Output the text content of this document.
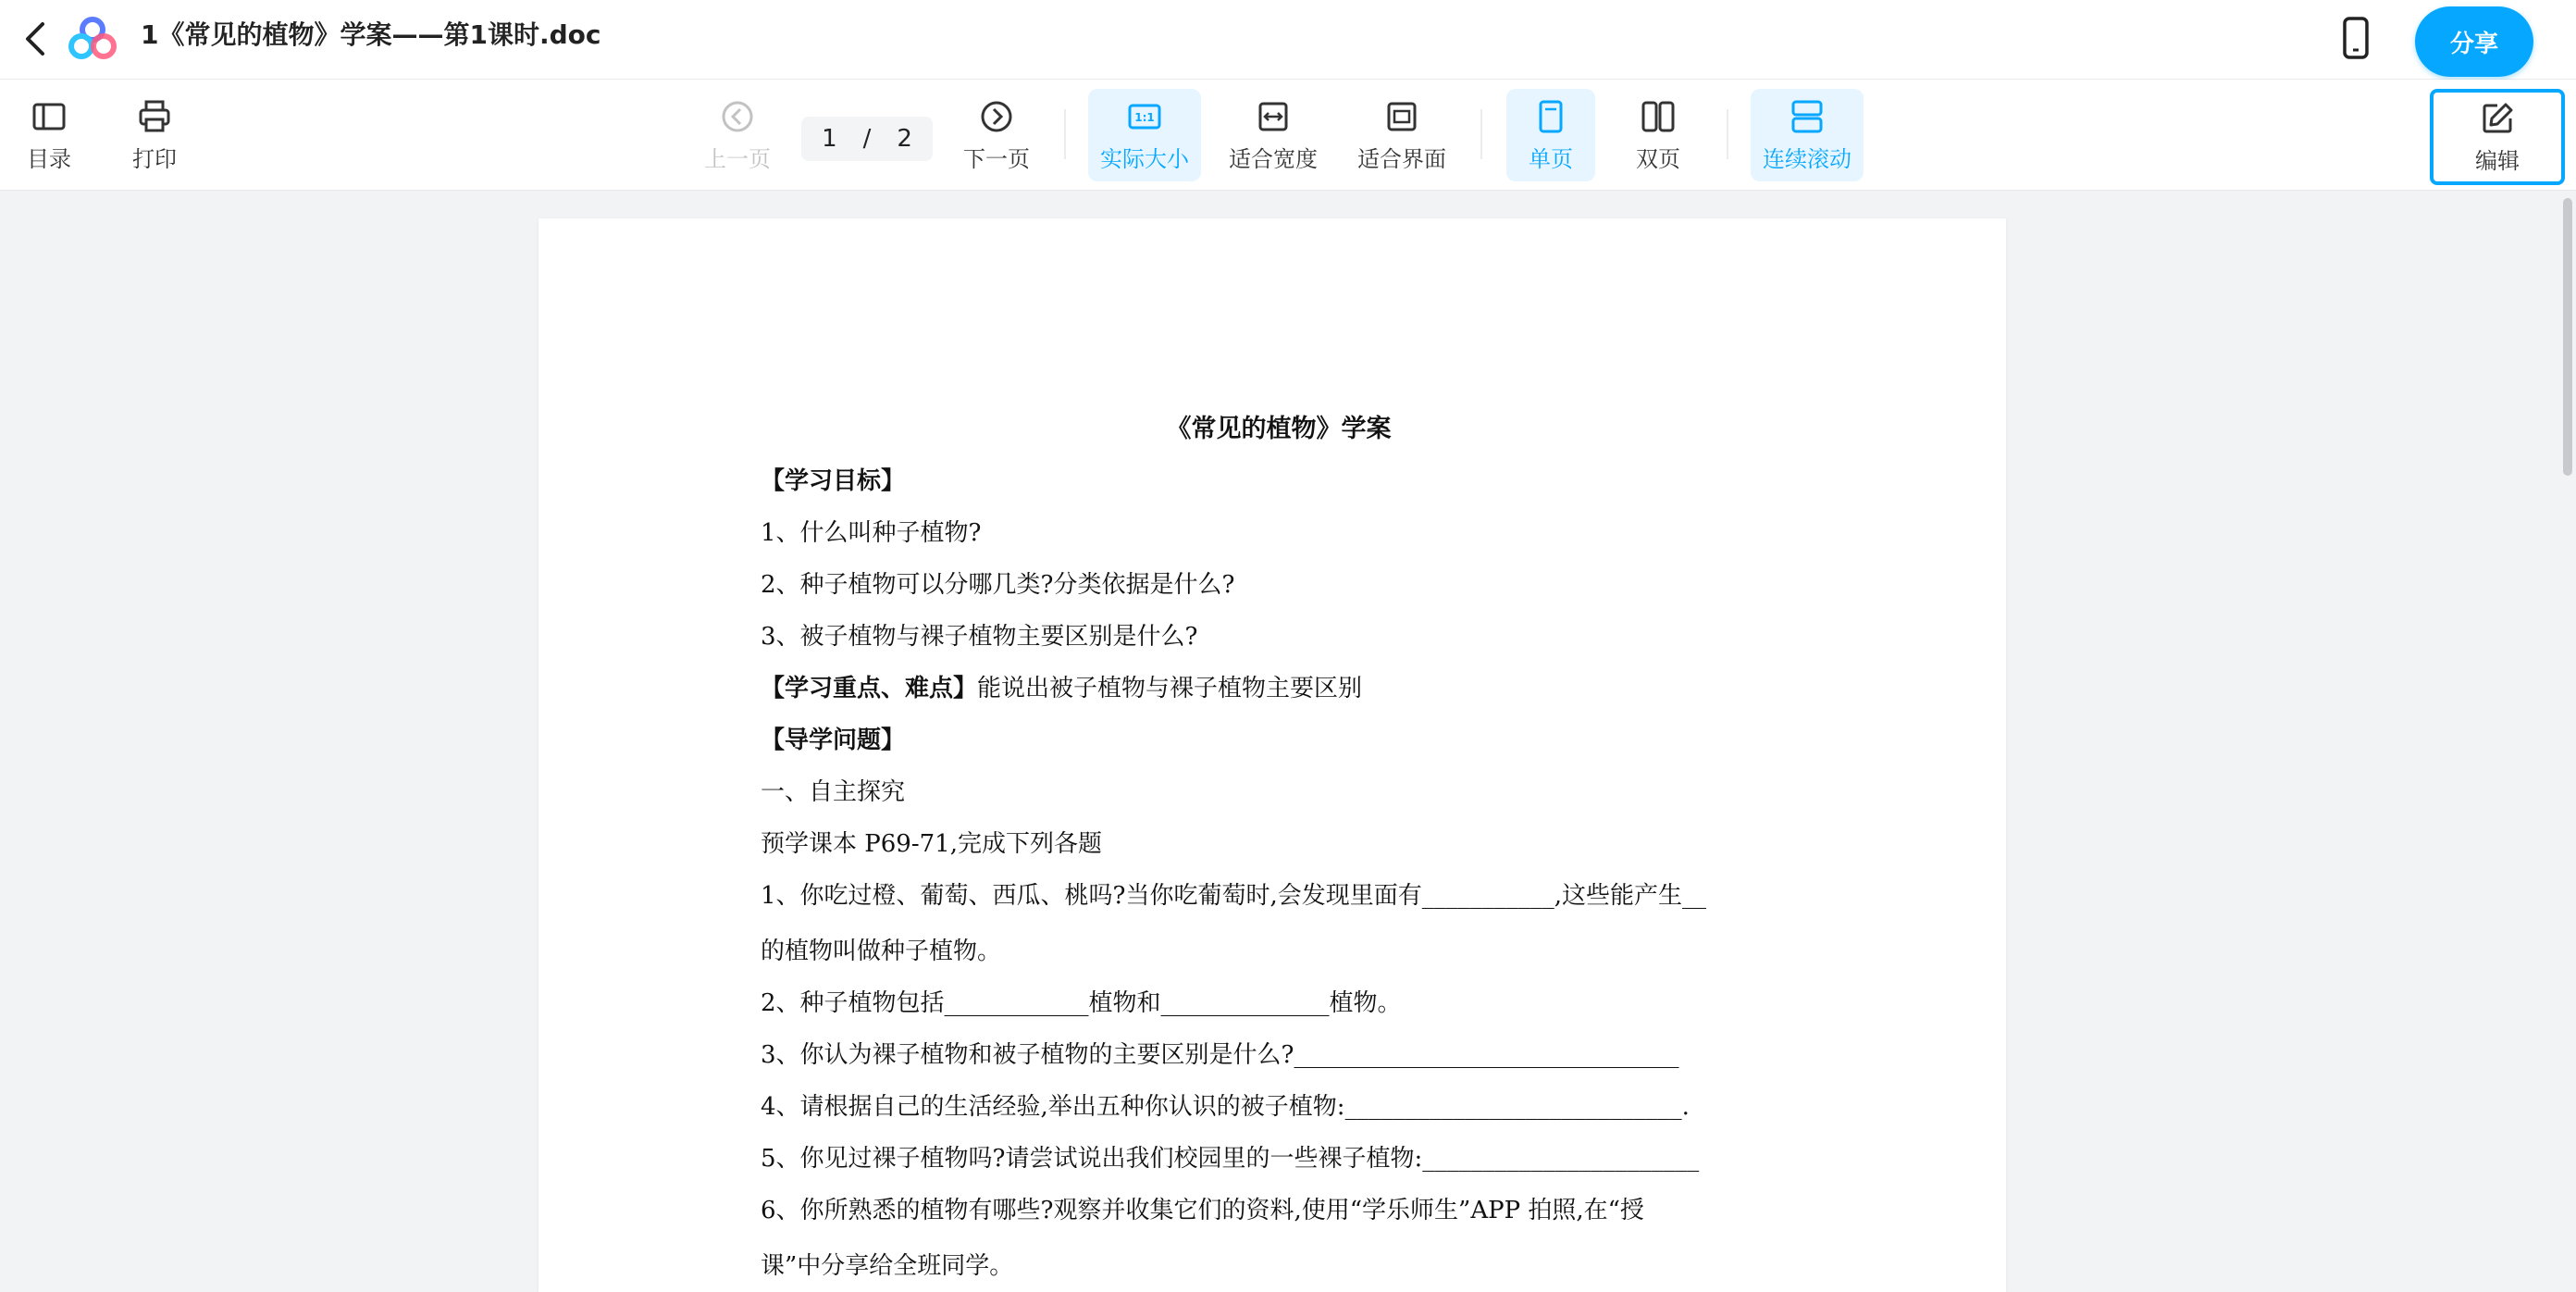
1《常见的植物》学案——第1课时.doc	分享
目录	打印	上一页
1 / 2
下一页
1:1
实际大小 适合宽度 适合界面	单页	双页	连续滚动	编辑
《常见的植物》学案
【学习目标】
1、什么叫种子植物?
2、种子植物可以分哪几类?分类依据是什么?
3、被子植物与裸子植物主要区别是什么?
【学习重点、难点】能说出被子植物与裸子植物主要区别
【导学问题】
一、自主探究
预学课本 P69-71,完成下列各题
1、你吃过橙、葡萄、西瓜、桃吗?当你吃葡萄时,会发现里面有___________,这些能产生__
的植物叫做种子植物。
2、种子植物包括____________植物和______________植物。
3、你认为裸子植物和被子植物的主要区别是什么?________________________________
4、请根据自己的生活经验,举出五种你认识的被子植物:____________________________.
5、你见过裸子植物吗?请尝试说出我们校园里的一些裸子植物:_______________________
6、你所熟悉的植物有哪些?观察并收集它们的资料,使用“学乐师生”APP 拍照,在“授
课”中分享给全班同学。
